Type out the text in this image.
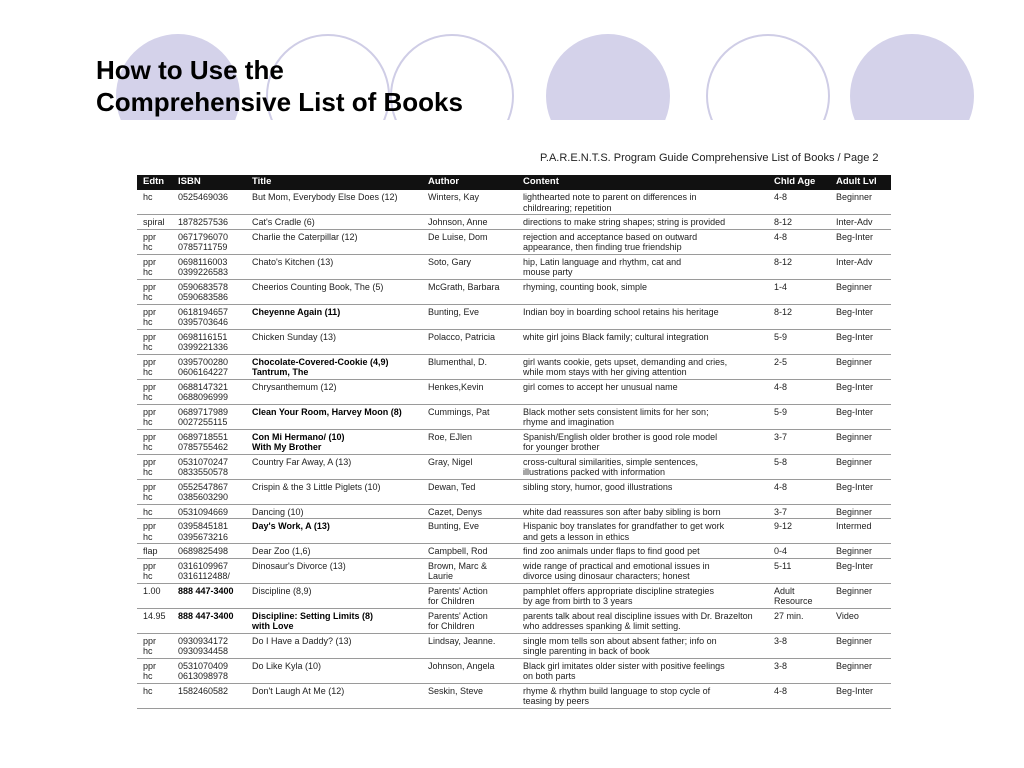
How to Use the
Comprehensive List of Books
P.A.R.E.N.T.S. Program Guide Comprehensive List of Books / Page 2
Edtn	ISBN	Title	Author	Content	Chld Age	Adult Lvl
hc	0525469036	But Mom, Everybody Else Does (12)	Winters, Kay	lighthearted note to parent on differences in
childrearing; repetition	4-8	Beginner
spiral	1878257536	Cat's Cradle (6)	Johnson, Anne	directions to make string shapes; string is provided	8-12	Inter-Adv
ppr
hc	0671796070
0785711759	Charlie the Caterpillar (12)	De Luise, Dom	rejection and acceptance based on outward
appearance, then finding true friendship	4-8	Beg-Inter
ppr
hc	0698116003
0399226583	Chato's Kitchen (13)	Soto, Gary	hip, Latin language and rhythm, cat and
mouse party	8-12	Inter-Adv
ppr
hc	0590683578
0590683586	Cheerios Counting Book, The (5)	McGrath, Barbara	rhyming, counting book, simple	1-4	Beginner
ppr
hc	0618194657
0395703646	Cheyenne Again (11)	Bunting, Eve	Indian boy in boarding school retains his heritage	8-12	Beg-Inter
ppr
hc	0698116151
0399221336	Chicken Sunday (13)	Polacco, Patricia	white girl joins Black family; cultural integration	5-9	Beg-Inter
ppr
hc	0395700280
0606164227	Chocolate-Covered-Cookie (4,9)
Tantrum, The	Blumenthal, D.	girl wants cookie, gets upset, demanding and cries,
while mom stays with her giving attention	2-5	Beginner
ppr
hc	0688147321
0688096999	Chrysanthemum (12)	Henkes,Kevin	girl comes to accept her unusual name	4-8	Beg-Inter
ppr
hc	0689717989
0027255115	Clean Your Room, Harvey Moon (8)	Cummings, Pat	Black mother sets consistent limits for her son;
rhyme and imagination	5-9	Beg-Inter
ppr
hc	0689718551
0785755462	Con Mi Hermano/ (10)
With My Brother	Roe, EJlen	Spanish/English older brother is good role model
for younger brother	3-7	Beginner
ppr
hc	0531070247
0833550578	Country Far Away, A (13)	Gray, Nigel	cross-cultural similarities, simple sentences,
illustrations packed with information	5-8	Beginner
ppr
hc	0552547867
0385603290	Crispin & the 3 Little Piglets (10)	Dewan, Ted	sibling story, humor, good illustrations	4-8	Beg-Inter
hc	0531094669	Dancing (10)	Cazet, Denys	white dad reassures son after baby sibling is born	3-7	Beginner
ppr
hc	0395845181
0395673216	Day's Work, A (13)	Bunting, Eve	Hispanic boy translates for grandfather to get work
and gets a lesson in ethics	9-12	Intermed
flap	0689825498	Dear Zoo (1,6)	Campbell, Rod	find zoo animals under flaps to find good pet	0-4	Beginner
ppr
hc	0316109967
0316112488/	Dinosaur's Divorce (13)	Brown, Marc &
Laurie	wide range of practical and emotional issues in
divorce using dinosaur characters; honest	5-11	Beg-Inter
1.00	888 447-3400	Discipline (8,9)	Parents' Action
for Children	pamphlet offers appropriate discipline strategies
by age from birth to 3 years	Adult
Resource	Beginner
14.95	888 447-3400	Discipline: Setting Limits (8)
with Love	Parents' Action
for Children	parents talk about real discipline issues with Dr. Brazelton
who addresses spanking & limit setting.	27 min.	Video
ppr
hc	0930934172
0930934458	Do I Have a Daddy? (13)	Lindsay, Jeanne.	single mom tells son about absent father; info on
single parenting in back of book	3-8	Beginner
ppr
hc	0531070409
0613098978	Do Like Kyla (10)	Johnson, Angela	Black girl imitates older sister with positive feelings
on both parts	3-8	Beginner
hc	1582460582	Don't Laugh At Me (12)	Seskin, Steve	rhyme & rhythm build language to stop cycle of
teasing by peers	4-8	Beg-Inter
